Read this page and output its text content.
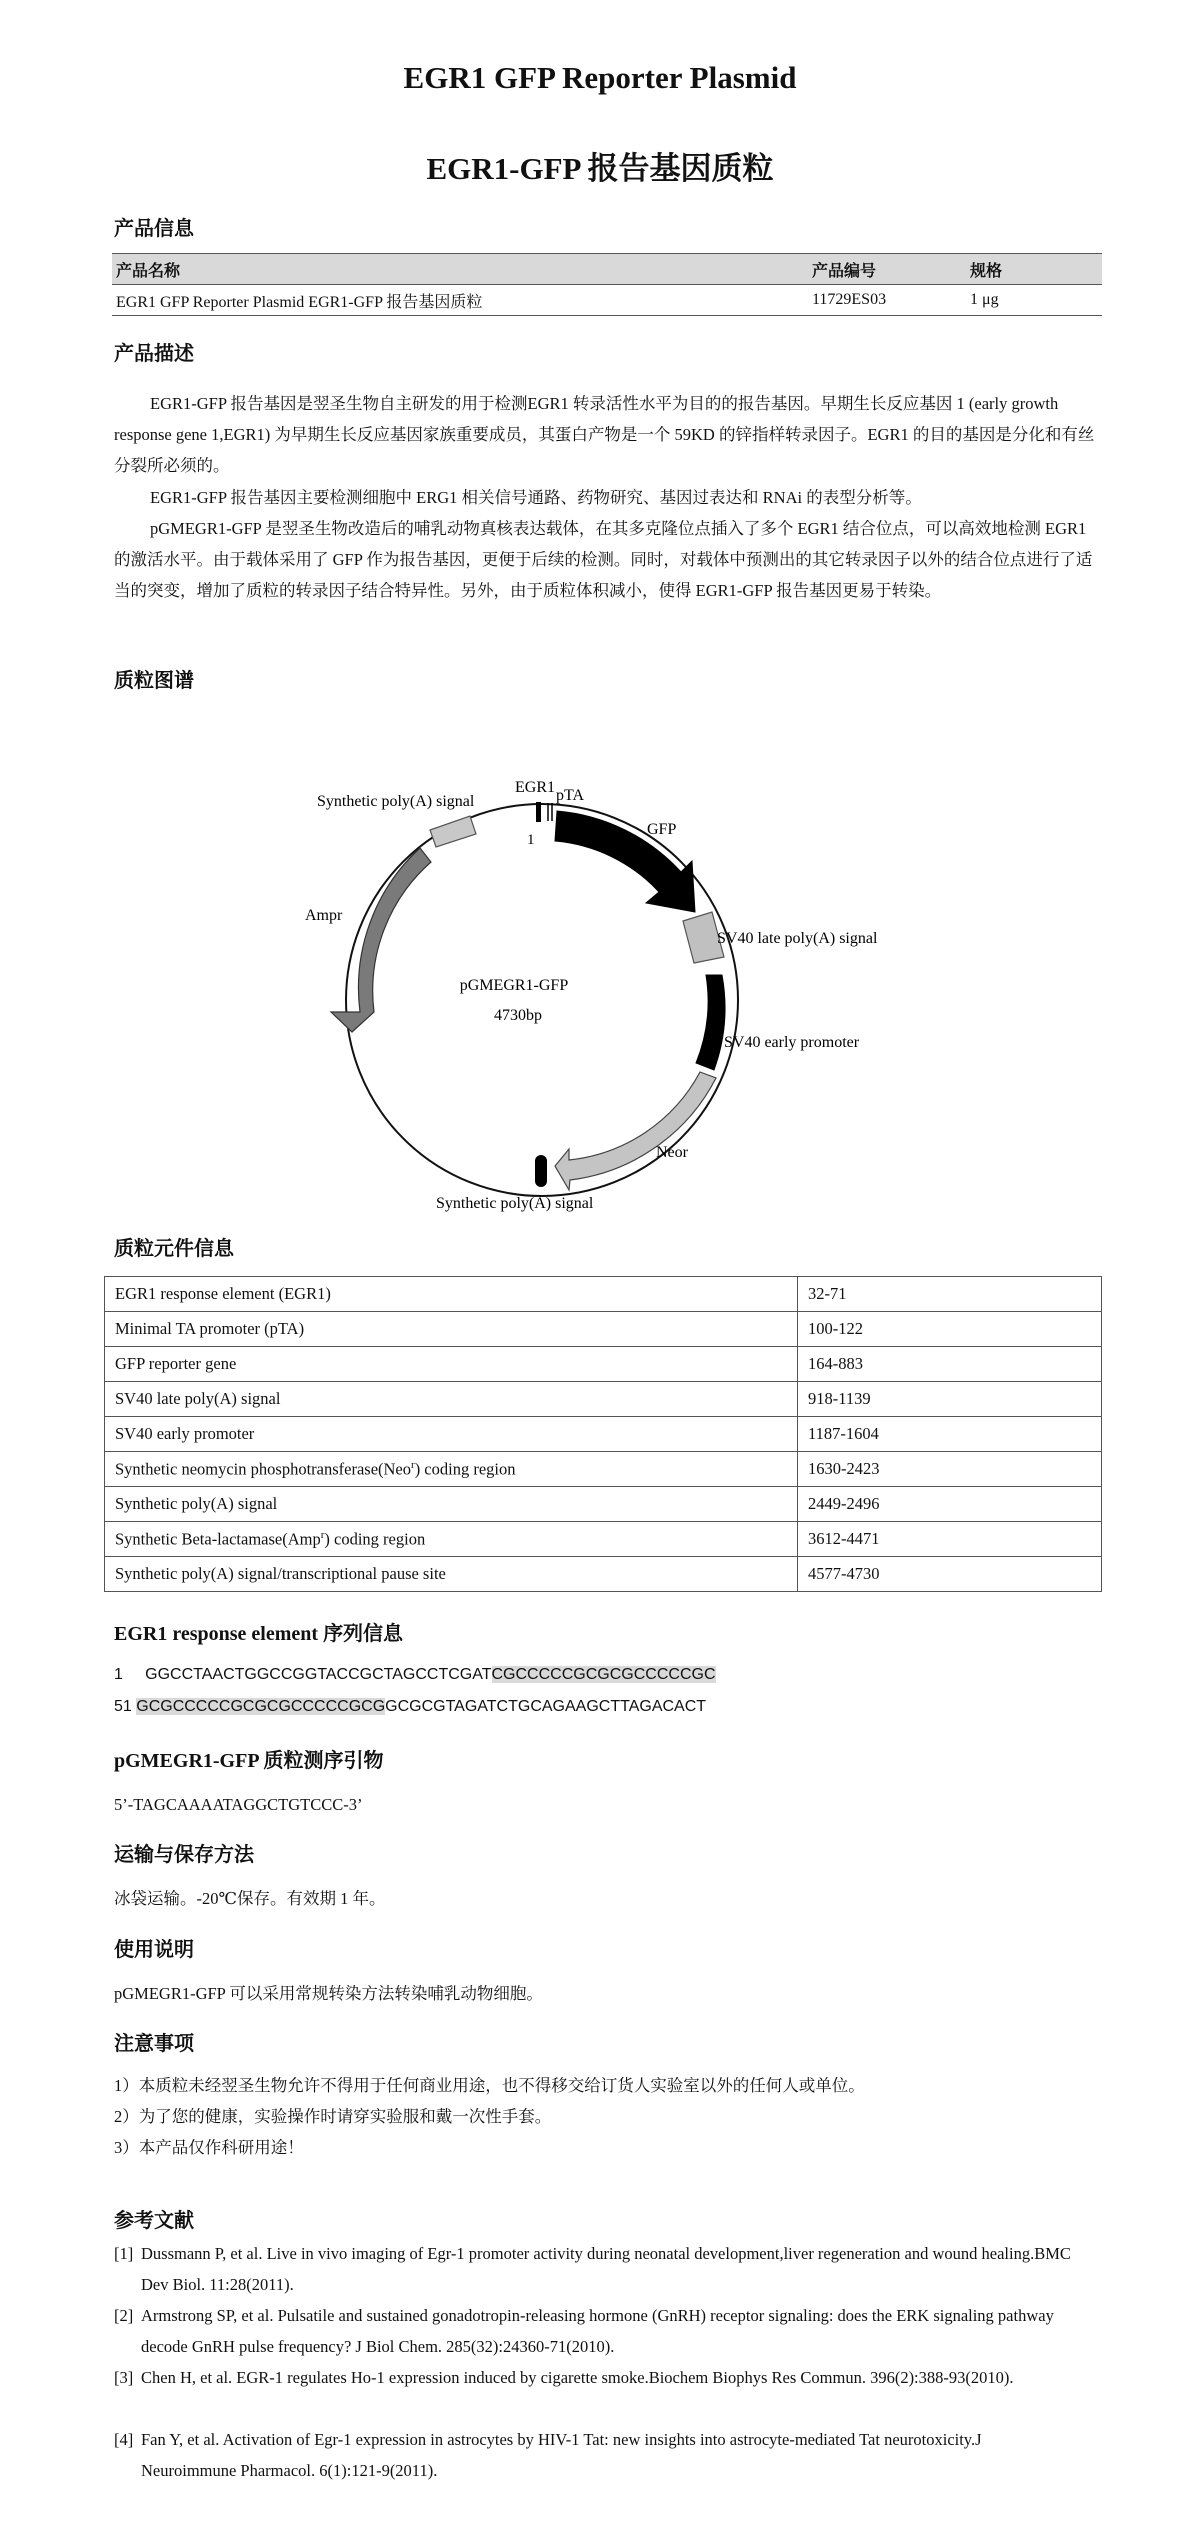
EGR1 GFP Reporter Plasmid
EGR1-GFP 报告基因质粒
产品信息
产品名称	产品编号	规格
EGR1 GFP Reporter Plasmid EGR1-GFP 报告基因质粒	11729ES03	1 μg
产品描述

EGR1-GFP 报告基因是翌圣生物自主研发的用于检测EGR1 转录活性水平为目的的报告基因。早期生长反应基因 1 (early growth response gene 1,EGR1) 为早期生长反应基因家族重要成员，其蛋白产物是一个 59KD 的锌指样转录因子。EGR1 的目的基因是分化和有丝分裂所必须的。

EGR1-GFP 报告基因主要检测细胞中 ERG1 相关信号通路、药物研究、基因过表达和 RNAi 的表型分析等。

pGMEGR1-GFP 是翌圣生物改造后的哺乳动物真核表达载体，在其多克隆位点插入了多个 EGR1 结合位点，可以高效地检测 EGR1 的激活水平。由于载体采用了 GFP 作为报告基因，更便于后续的检测。同时，对载体中预测出的其它转录因子以外的结合位点进行了适当的突变，增加了质粒的转录因子结合特异性。另外，由于质粒体积减小，使得 EGR1-GFP 报告基因更易于转染。

质粒图谱
EGR1 pTA
1
GFP
SV40 late poly(A) signal
SV40 early promoter
Neor
Synthetic poly(A) signal
Ampr
Synthetic poly(A) signal
pGMEGR1-GFP
4730bp
质粒元件信息
EGR1 response element (EGR1)	32-71
Minimal TA promoter (pTA)	100-122
GFP reporter gene	164-883
SV40 late poly(A) signal	918-1139
SV40 early promoter	1187-1604
Synthetic neomycin phosphotransferase(Neo$^r$) coding region	1630-2423
Synthetic poly(A) signal	2449-2496
Synthetic Beta-lactamase(Amp$^r$) coding region	3612-4471
Synthetic poly(A) signal/transcriptional pause site	4577-4730
EGR1 response element 序列信息
1 GGCCTAACTGGCCGGTACCGCTAGCCTCGATCGCCCCCGCGCGCCCCCGC
51 GCGCCCCCGCGCGCCCCCGCGGCGCGTAGATCTGCAGAAGCTTAGACACT
pGMEGR1-GFP 质粒测序引物
5’-TAGCAAAATAGGCTGTCCC-3’
运输与保存方法
冰袋运输。-20℃保存。有效期 1 年。
使用说明
pGMEGR1-GFP 可以采用常规转染方法转染哺乳动物细胞。
注意事项
1）本质粒未经翌圣生物允许不得用于任何商业用途，也不得移交给订货人实验室以外的任何人或单位。
2）为了您的健康，实验操作时请穿实验服和戴一次性手套。
3）本产品仅作科研用途！
参考文献
[1] Dussmann P, et al. Live in vivo imaging of Egr-1 promoter activity during neonatal development,liver regeneration and wound healing.BMC Dev Biol. 11:28(2011).
[2] Armstrong SP, et al. Pulsatile and sustained gonadotropin-releasing hormone (GnRH) receptor signaling: does the ERK signaling pathway decode GnRH pulse frequency? J Biol Chem. 285(32):24360-71(2010).
[3] Chen H, et al. EGR-1 regulates Ho-1 expression induced by cigarette smoke.Biochem Biophys Res Commun. 396(2):388-93(2010).
[4] Fan Y, et al. Activation of Egr-1 expression in astrocytes by HIV-1 Tat: new insights into astrocyte-mediated Tat neurotoxicity.J Neuroimmune Pharmacol. 6(1):121-9(2011).
